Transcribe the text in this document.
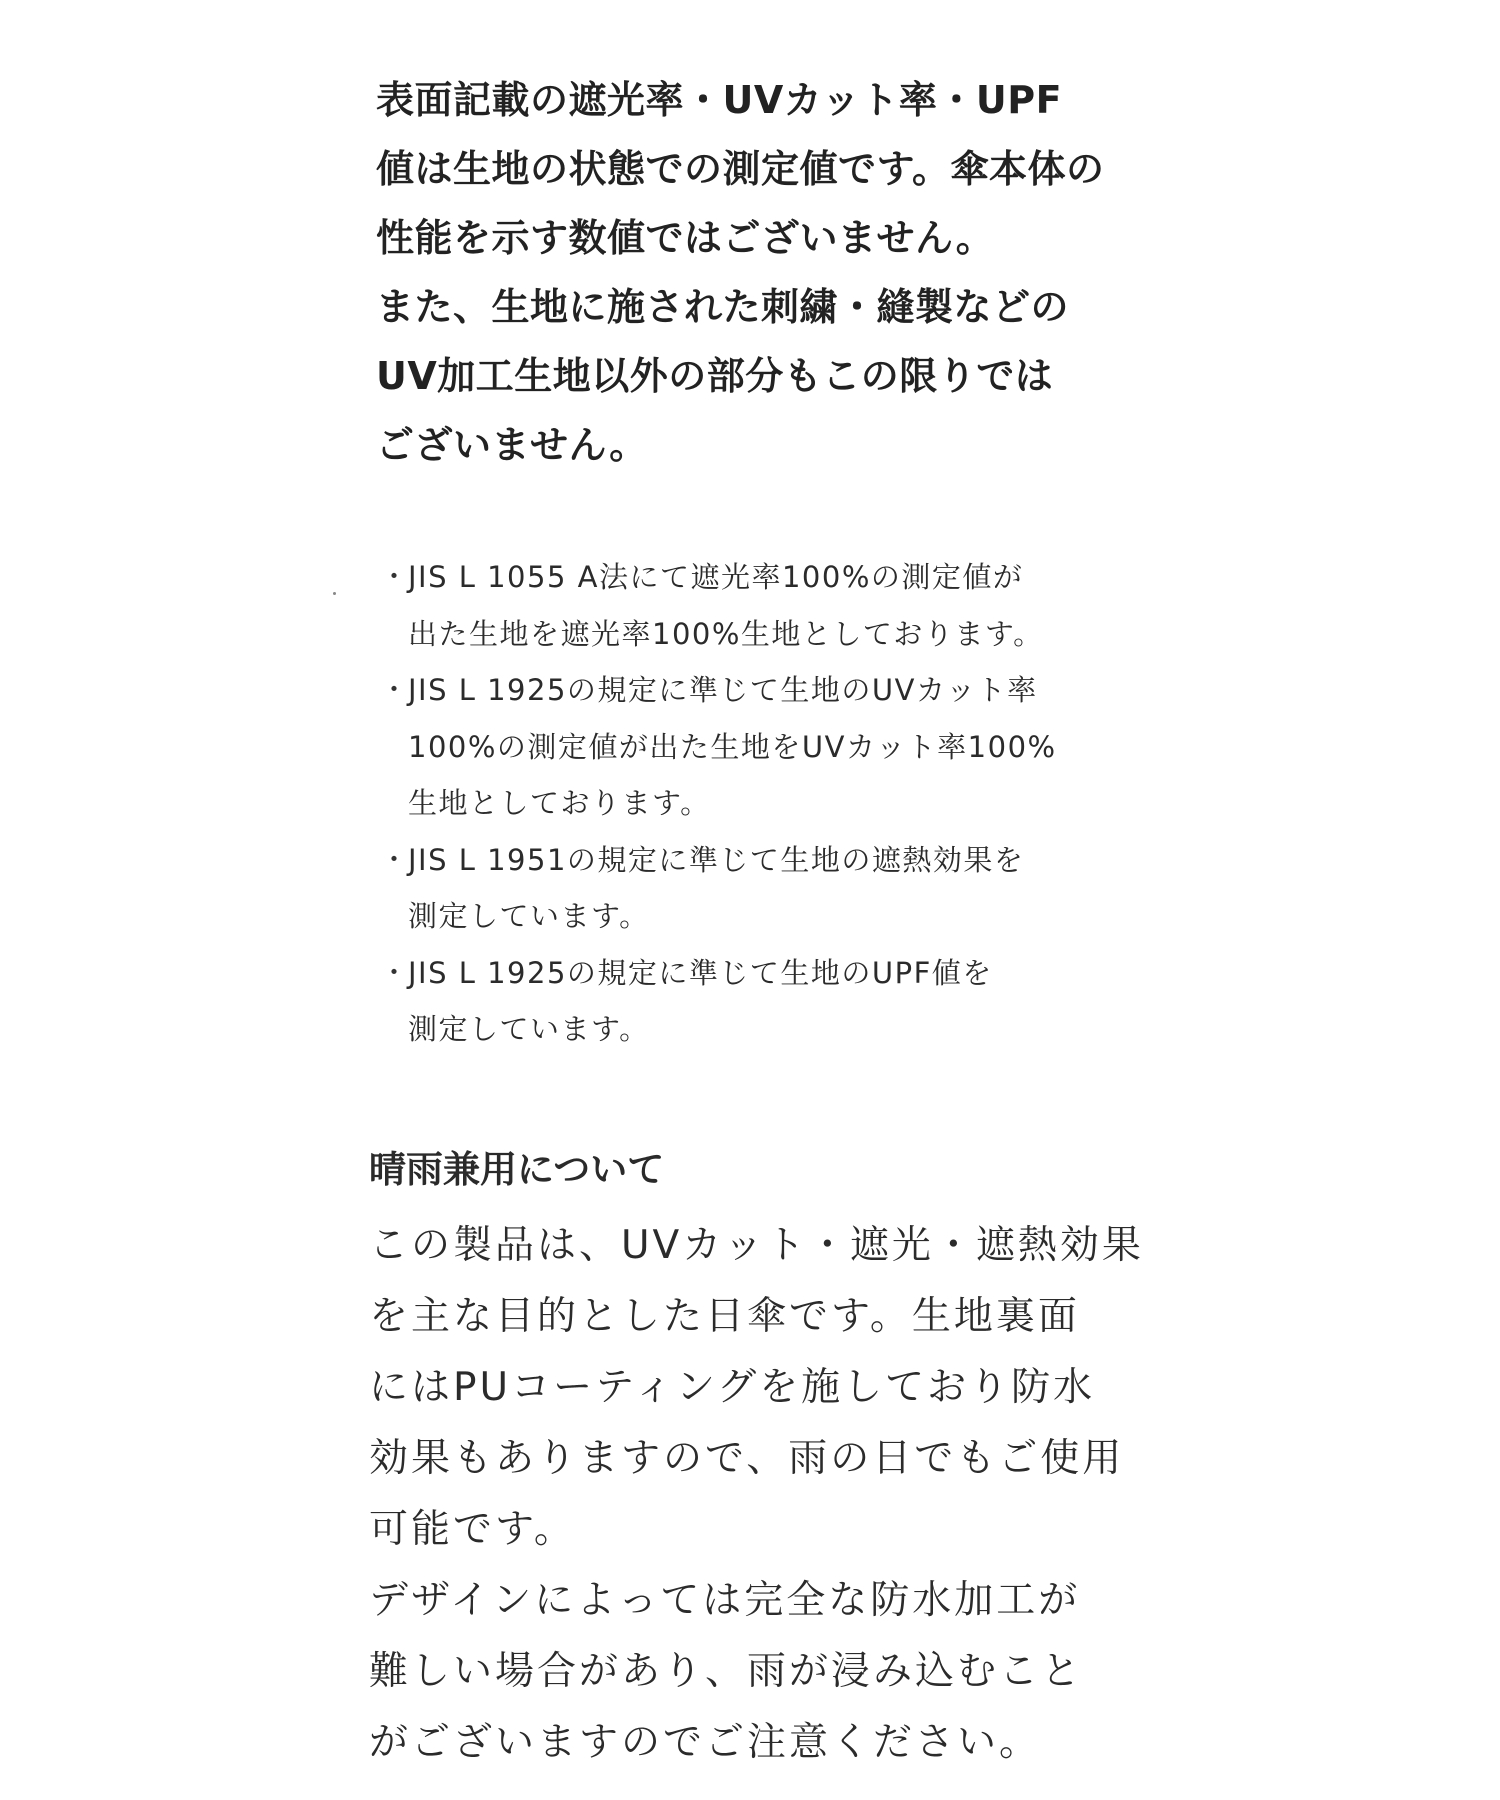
表面記載の遮光率・UVカット率・UPF
値は生地の状態での測定値です。傘本体の
性能を示す数値ではございません。
また、生地に施された刺繍・縫製などの
UV加工生地以外の部分もこの限りでは
ございません。
・ JIS L 1055 A法にて遮光率100%の測定値が
出た生地を遮光率100%生地としております。
・ JIS L 1925の規定に準じて生地のUVカット率
100%の測定値が出た生地をUVカット率100%
生地としております。
・ JIS L 1951の規定に準じて生地の遮熱効果を
測定しています。
・ JIS L 1925の規定に準じて生地のUPF値を
測定しています。
晴雨兼用について
この製品は、UVカット・遮光・遮熱効果
を主な目的とした日傘です。生地裏面
にはPUコーティングを施しており防水
効果もありますので、雨の日でもご使用
可能です。
デザインによっては完全な防水加工が
難しい場合があり、雨が浸み込むこと
がございますのでご注意ください。
